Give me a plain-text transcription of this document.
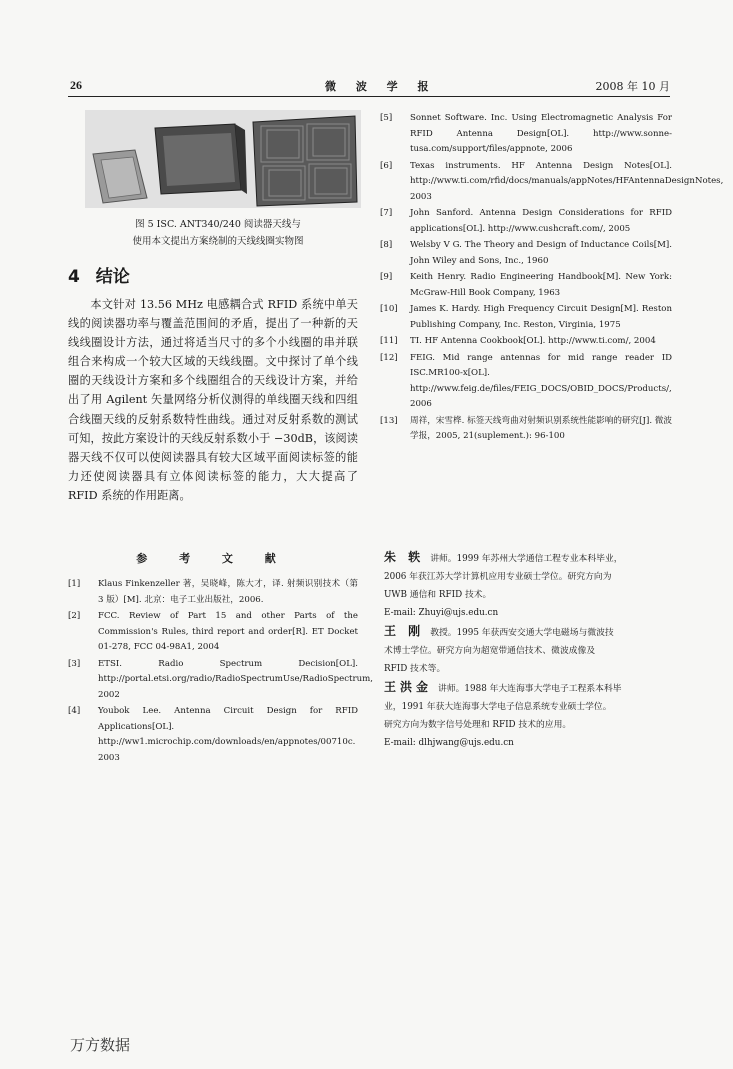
26	微 波 学 报	2008 年 10 月
图 5 ISC. ANT340/240 阅读器天线与
使用本文提出方案绕制的天线线圈实物图
4 结论

本文针对 13.56 MHz 电感耦合式 RFID 系统中单天线的阅读器功率与覆盖范围间的矛盾，提出了一种新的天线线圈设计方法，通过将适当尺寸的多个小线圈的串并联组合来构成一个较大区域的天线线圈。文中探讨了单个线圈的天线设计方案和多个线圈组合的天线设计方案，并给出了用 Agilent 矢量网络分析仪测得的单线圈天线和四组合线圈天线的反射系数特性曲线。通过对反射系数的测试可知，按此方案设计的天线反射系数小于 −30dB，该阅读器天线不仅可以使阅读器具有较大区域平面阅读标签的能力还使阅读器具有立体阅读标签的能力，大大提高了 RFID 系统的作用距离。

参 考 文 献
[1] Klaus Finkenzeller 著，吴晓峰，陈大才，译. 射频识别技术（第 3 版）[M]. 北京：电子工业出版社，2006.
[2] FCC. Review of Part 15 and other Parts of the Commission's Rules, third report and order[R]. ET Docket 01-278, FCC 04-98A1, 2004
[3] ETSI. Radio Spectrum Decision[OL]. http://portal.etsi.org/radio/RadioSpectrumUse/RadioSpectrum, 2002
[4] Youbok Lee. Antenna Circuit Design for RFID Applications[OL]. http://ww1.microchip.com/downloads/en/appnotes/00710c. 2003
[5] Sonnet Software. Inc. Using Electromagnetic Analysis For RFID Antenna Design[OL]. http://www.sonne-tusa.com/support/files/appnote, 2006
[6] Texas instruments. HF Antenna Design Notes[OL]. http://www.ti.com/rfid/docs/manuals/appNotes/HFAntennaDesignNotes, 2003
[7] John Sanford. Antenna Design Considerations for RFID applications[OL]. http://www.cushcraft.com/, 2005
[8] Welsby V G. The Theory and Design of Inductance Coils[M]. John Wiley and Sons, Inc., 1960
[9] Keith Henry. Radio Engineering Handbook[M]. New York: McGraw-Hill Book Company, 1963
[10] James K. Hardy. High Frequency Circuit Design[M]. Reston Publishing Company, Inc. Reston, Virginia, 1975
[11] TI. HF Antenna Cookbook[OL]. http://www.ti.com/, 2004
[12] FEIG. Mid range antennas for mid range reader ID ISC.MR100-x[OL]. http://www.feig.de/files/FEIG_DOCS/OBID_DOCS/Products/, 2006
[13] 周祥，宋雪桦. 标签天线弯曲对射频识别系统性能影响的研究[J]. 微波学报，2005, 21(suplement.): 96-100
朱 轶 讲师。1999 年苏州大学通信工程专业本科毕业，
2006 年获江苏大学计算机应用专业硕士学位。研究方向为
UWB 通信和 RFID 技术。
E-mail: Zhuyi@ujs.edu.cn
王 刚 教授。1995 年获西安交通大学电磁场与微波技
术博士学位。研究方向为超宽带通信技术、微波成像及
RFID 技术等。
王洪金 讲师。1988 年大连海事大学电子工程系本科毕
业，1991 年获大连海事大学电子信息系统专业硕士学位。
研究方向为数字信号处理和 RFID 技术的应用。
E-mail: dlhjwang@ujs.edu.cn
万方数据
